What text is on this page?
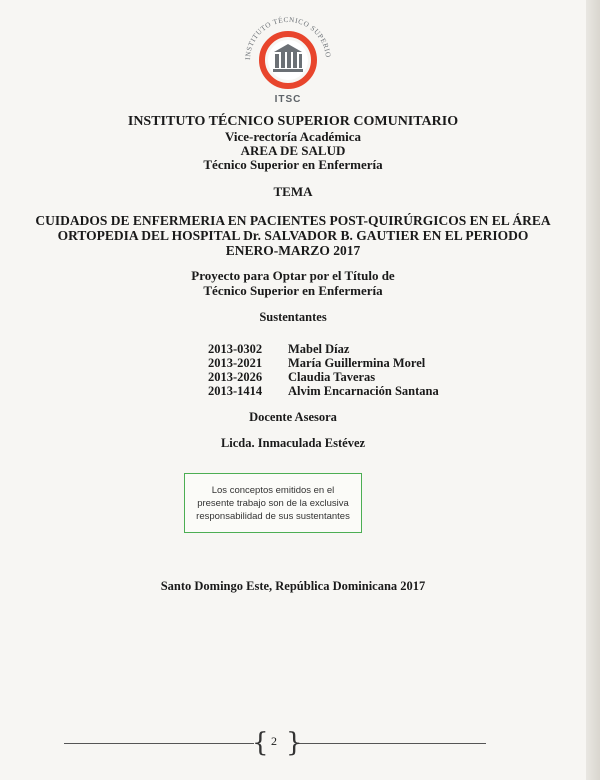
INSTITUTO TÉCNICO SUPERIO
ITSC
INSTITUTO TÉCNICO SUPERIOR COMUNITARIO
Vice-rectoría Académica
AREA DE SALUD
Técnico Superior en Enfermería
TEMA
CUIDADOS DE ENFERMERIA EN PACIENTES POST-QUIRÚRGICOS EN EL ÁREA
ORTOPEDIA DEL HOSPITAL Dr. SALVADOR B. GAUTIER EN EL PERIODO
ENERO-MARZO 2017
Proyecto para Optar por el Título de
Técnico Superior en Enfermería
Sustentantes
2013-0302
2013-2021
2013-2026
2013-1414
Mabel Díaz
María Guillermina Morel
Claudia Taveras
Alvim Encarnación Santana
Docente Asesora
Licda. Inmaculada Estévez
Los conceptos emitidos en el
presente trabajo son de la exclusiva
responsabilidad de sus sustentantes
Santo Domingo Este, República Dominicana 2017
{ }
2
